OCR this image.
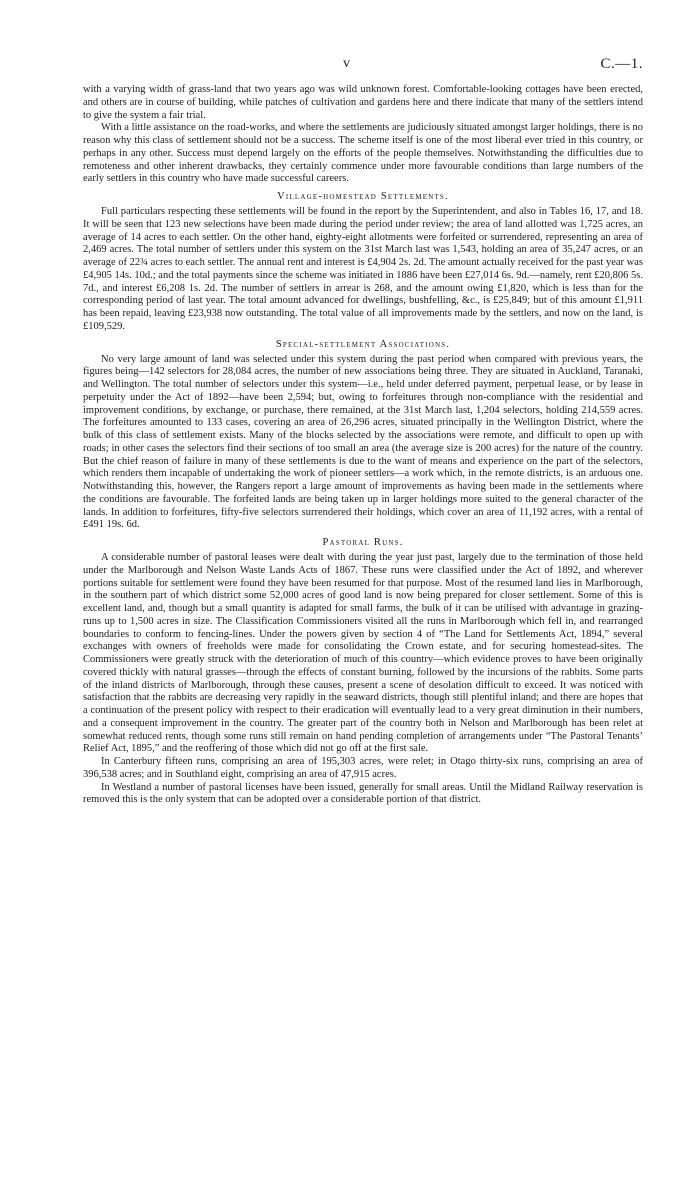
v	C.—1.

with a varying width of grass-land that two years ago was wild unknown forest. Comfortable-looking cottages have been erected, and others are in course of building, while patches of cultivation and gardens here and there indicate that many of the settlers intend to give the system a fair trial.

With a little assistance on the road-works, and where the settlements are judiciously situated amongst larger holdings, there is no reason why this class of settlement should not be a success. The scheme itself is one of the most liberal ever tried in this country, or perhaps in any other. Success must depend largely on the efforts of the people themselves. Notwithstanding the difficulties due to remoteness and other inherent drawbacks, they certainly commence under more favourable conditions than large numbers of the early settlers in this country who have made successful careers.

Village-homestead Settlements.

Full particulars respecting these settlements will be found in the report by the Superintendent, and also in Tables 16, 17, and 18. It will be seen that 123 new selections have been made during the period under review; the area of land allotted was 1,725 acres, an average of 14 acres to each settler. On the other hand, eighty-eight allotments were forfeited or surrendered, representing an area of 2,469 acres. The total number of settlers under this system on the 31st March last was 1,543, holding an area of 35,247 acres, or an average of 22¾ acres to each settler. The annual rent and interest is £4,904 2s. 2d. The amount actually received for the past year was £4,905 14s. 10d.; and the total payments since the scheme was initiated in 1886 have been £27,014 6s. 9d.—namely, rent £20,806 5s. 7d., and interest £6,208 1s. 2d. The number of settlers in arrear is 268, and the amount owing £1,820, which is less than for the corresponding period of last year. The total amount advanced for dwellings, bushfelling, &c., is £25,849; but of this amount £1,911 has been repaid, leaving £23,938 now outstanding. The total value of all improvements made by the settlers, and now on the land, is £109,529.

Special-settlement Associations.

No very large amount of land was selected under this system during the past period when compared with previous years, the figures being—142 selectors for 28,084 acres, the number of new associations being three. They are situated in Auckland, Taranaki, and Wellington. The total number of selectors under this system—i.e., held under deferred payment, perpetual lease, or by lease in perpetuity under the Act of 1892—have been 2,594; but, owing to forfeitures through non-compliance with the residential and improvement conditions, by exchange, or purchase, there remained, at the 31st March last, 1,204 selectors, holding 214,559 acres. The forfeitures amounted to 133 cases, covering an area of 26,296 acres, situated principally in the Wellington District, where the bulk of this class of settlement exists. Many of the blocks selected by the associations were remote, and difficult to open up with roads; in other cases the selectors find their sections of too small an area (the average size is 200 acres) for the nature of the country. But the chief reason of failure in many of these settlements is due to the want of means and experience on the part of the selectors, which renders them incapable of undertaking the work of pioneer settlers—a work which, in the remote districts, is an arduous one. Notwithstanding this, however, the Rangers report a large amount of improvements as having been made in the settlements where the conditions are favourable. The forfeited lands are being taken up in larger holdings more suited to the general character of the lands. In addition to forfeitures, fifty-five selectors surrendered their holdings, which cover an area of 11,192 acres, with a rental of £491 19s. 6d.

Pastoral Runs.

A considerable number of pastoral leases were dealt with during the year just past, largely due to the termination of those held under the Marlborough and Nelson Waste Lands Acts of 1867. These runs were classified under the Act of 1892, and wherever portions suitable for settlement were found they have been resumed for that purpose. Most of the resumed land lies in Marlborough, in the southern part of which district some 52,000 acres of good land is now being prepared for closer settlement. Some of this is excellent land, and, though but a small quantity is adapted for small farms, the bulk of it can be utilised with advantage in grazing-runs up to 1,500 acres in size. The Classification Commissioners visited all the runs in Marlborough which fell in, and rearranged boundaries to conform to fencing-lines. Under the powers given by section 4 of “The Land for Settlements Act, 1894,” several exchanges with owners of freeholds were made for consolidating the Crown estate, and for securing homestead-sites. The Commissioners were greatly struck with the deterioration of much of this country—which evidence proves to have been originally covered thickly with natural grasses—through the effects of constant burning, followed by the incursions of the rabbits. Some parts of the inland districts of Marlborough, through these causes, present a scene of desolation difficult to exceed. It was noticed with satisfaction that the rabbits are decreasing very rapidly in the seaward districts, though still plentiful inland; and there are hopes that a continuation of the present policy with respect to their eradication will eventually lead to a very great diminution in their numbers, and a consequent improvement in the country. The greater part of the country both in Nelson and Marlborough has been relet at somewhat reduced rents, though some runs still remain on hand pending completion of arrangements under “The Pastoral Tenants’ Relief Act, 1895,” and the reoffering of those which did not go off at the first sale.

In Canterbury fifteen runs, comprising an area of 195,303 acres, were relet; in Otago thirty-six runs, comprising an area of 396,538 acres; and in Southland eight, comprising an area of 47,915 acres.

In Westland a number of pastoral licenses have been issued, generally for small areas. Until the Midland Railway reservation is removed this is the only system that can be adopted over a considerable portion of that district.
